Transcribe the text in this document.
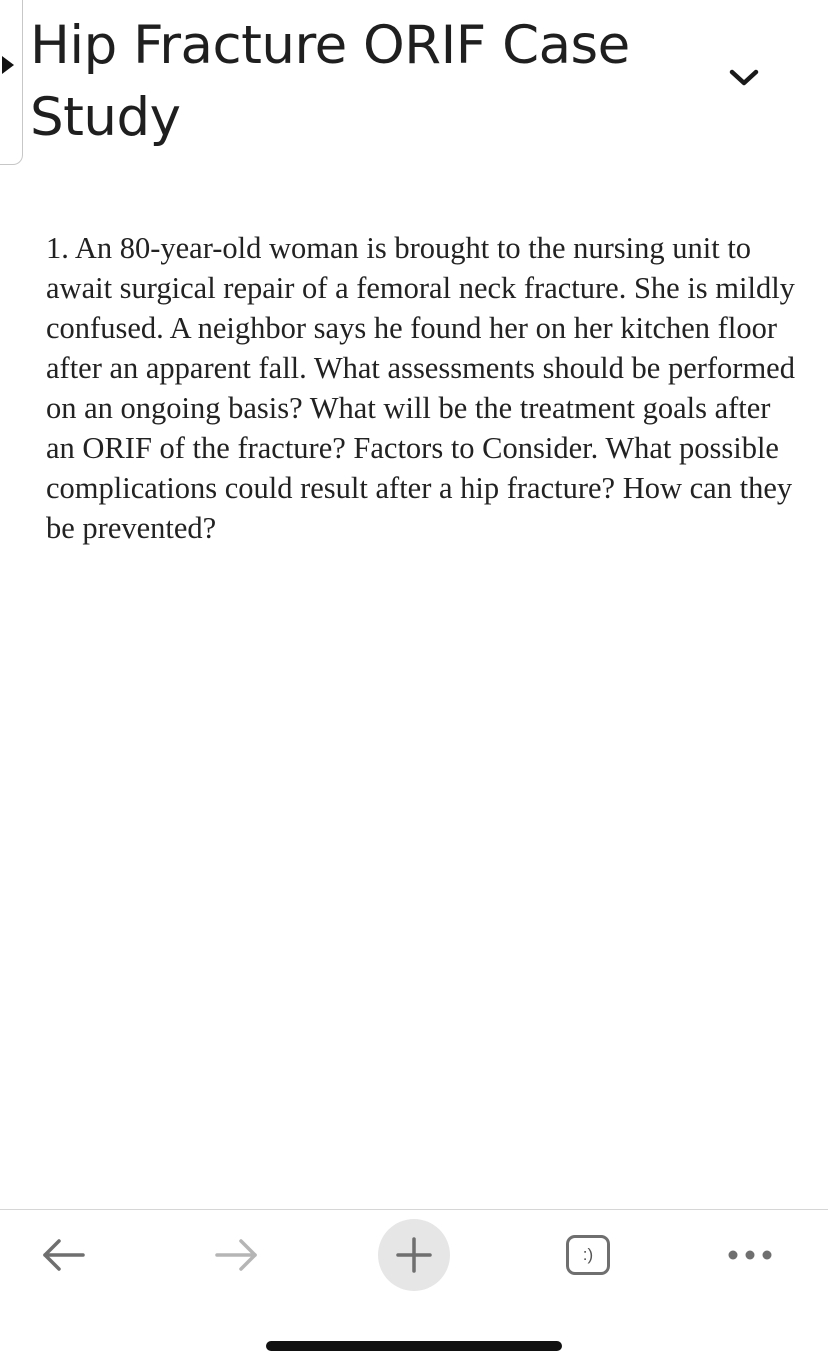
Hip Fracture ORIF Case Study

1. An 80-year-old woman is brought to the nursing unit to await surgical repair of a femoral neck fracture. She is mildly confused. A neighbor says he found her on her kitchen floor after an apparent fall. What assessments should be performed on an ongoing basis? What will be the treatment goals after an ORIF of the fracture? Factors to Consider. What possible complications could result after a hip fracture? How can they be prevented?

:)
